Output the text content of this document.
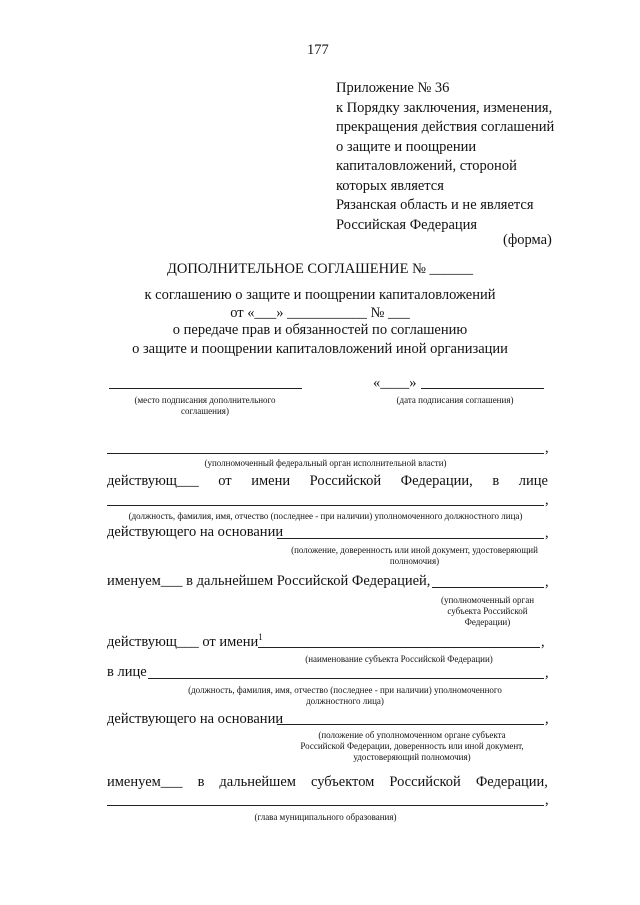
177
Приложение № 36
к Порядку заключения, изменения,
прекращения действия соглашений
о защите и поощрении
капиталовложений, стороной
которых является
Рязанская область и не является
Российская Федерация
(форма)
ДОПОЛНИТЕЛЬНОЕ СОГЛАШЕНИЕ № ______
к соглашению о защите и поощрении капиталовложений
от «___» ___________ № ___
о передаче прав и обязанностей по соглашению
о защите и поощрении капиталовложений иной организации
(место подписания дополнительного
соглашения)
«____»
(дата подписания соглашения)
,
(уполномоченный федеральный орган исполнительной власти)
действующ___ от имени Российской Федерации, в лице
,
(должность, фамилия, имя, отчество (последнее - при наличии) уполномоченного должностного лица)
действующего на основании	,
(положение, доверенность или иной документ, удостоверяющий
полномочия)
именуем___ в дальнейшем Российской Федерацией,	,
(уполномоченный орган
субъекта Российской
Федерации)
действующ___ от имени$^1$	,
(наименование субъекта Российской Федерации)
в лице	,
(должность, фамилия, имя, отчество (последнее - при наличии) уполномоченного
должностного лица)
действующего на основании	,
(положение об уполномоченном органе субъекта
Российской Федерации, доверенность или иной документ,
удостоверяющий полномочия)
именуем___ в дальнейшем субъектом Российской Федерации,
,
(глава муниципального образования)
